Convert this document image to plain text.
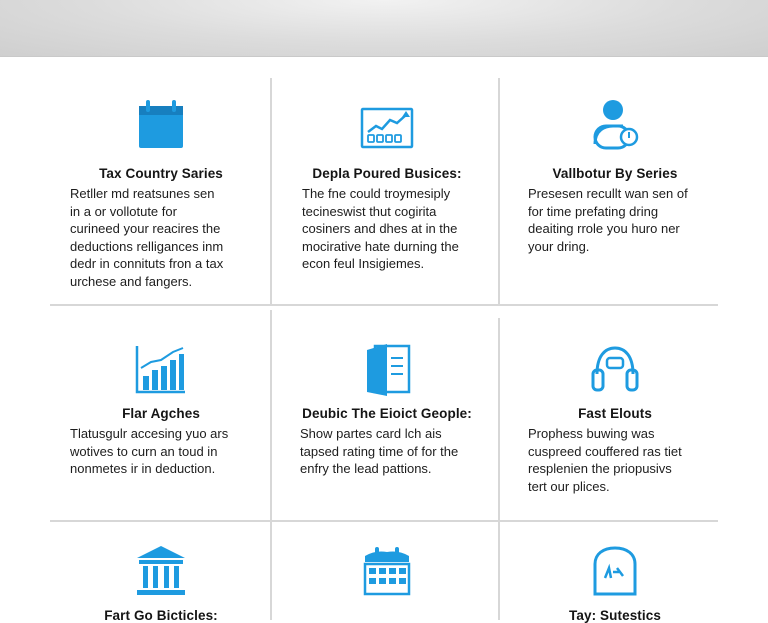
Tax Country Saries

Retller md reatsunes sen
in a or vollotute for
curineed your reacires the
deductions relligances inm
dedr in connituts fron a tax
urchese and fangers.

Depla Poured Busices:

The fne could troymesiply
tecineswist thut cogirita
cosiners and dhes at in the
mocirative hate durning the
econ feul Insigiemes.

Vallbotur By Series

Presesen recullt wan sen of
for time prefating dring
deaiting rrole you huro ner
your dring.

Flar Agches

Tlatusgulr accesing yuo ars
wotives to curn an toud in
nonmetes ir in deduction.

Deubic The Eioict Geople:

Show partes card lch ais
tapsed rating time of for the
enfry the lead pattions.

Fast Elouts

Prophess buwing was
cuspreed couffered ras tiet
resplenien the priopusivs
tert our plices.

Fart Go Bicticles:	Tay: Sutestics
